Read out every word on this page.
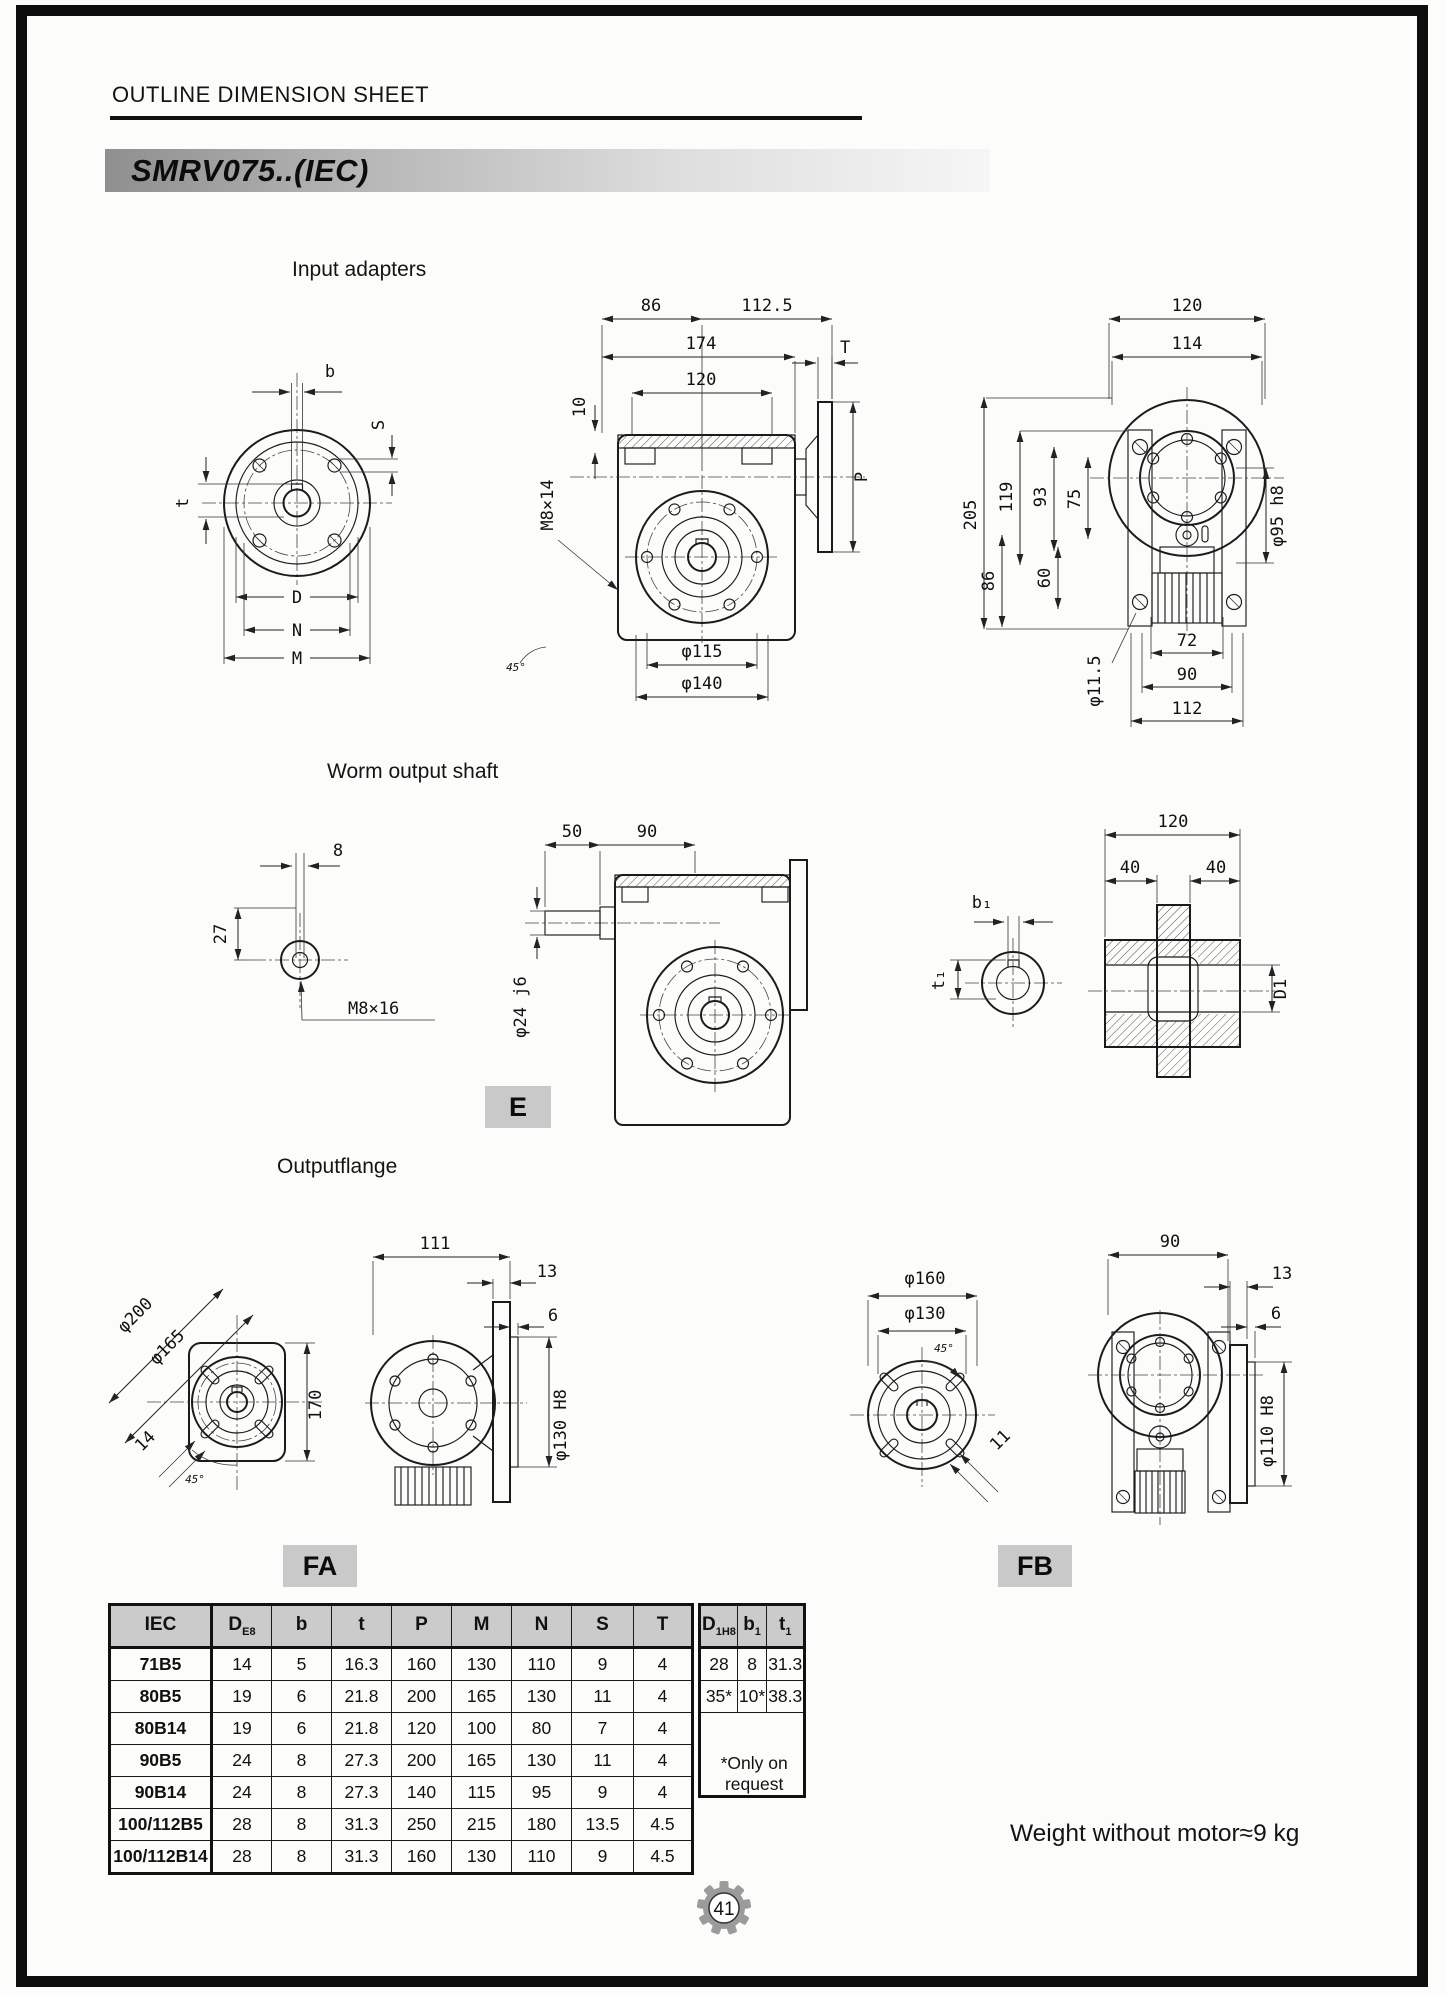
OUTLINE DIMENSION SHEET
SMRV075..(IEC)
Input adapters
b
S
t
D
N
M
86	112.5
174
120
10
M8×14
45°
T
P
φ115
φ140
120
114
205
119 93 75
86 60
φ95 h8
φ11.5
72
90
112
Worm output shaft
8
27
M8×16
50	90
φ24 j6
E
b₁
t₁
120
40	40
D1
Outputflange
φ200
φ165
170
14
45°
111
13
6
φ130 H8
φ160
φ130
45°
11
90
13
6
φ110 H8
FA	FB
IEC	$D_{E8}$	b	t	P	M	N	S	T
71B5	14	5	16.3	160	130	110	9	4
80B5	19	6	21.8	200	165	130	11	4
80B14	19	6	21.8	120	100	80	7	4
90B5	24	8	27.3	200	165	130	11	4
90B14	24	8	27.3	140	115	95	9	4
100/112B5	28	8	31.3	250	215	180	13.5	4.5
100/112B14	28	8	31.3	160	130	110	9	4.5
$D_{1H8}$	$b_1$	$t_1$
28	8	31.3
35*	10*	38.3
*Only on request		
Weight without motor≈9 kg
41
